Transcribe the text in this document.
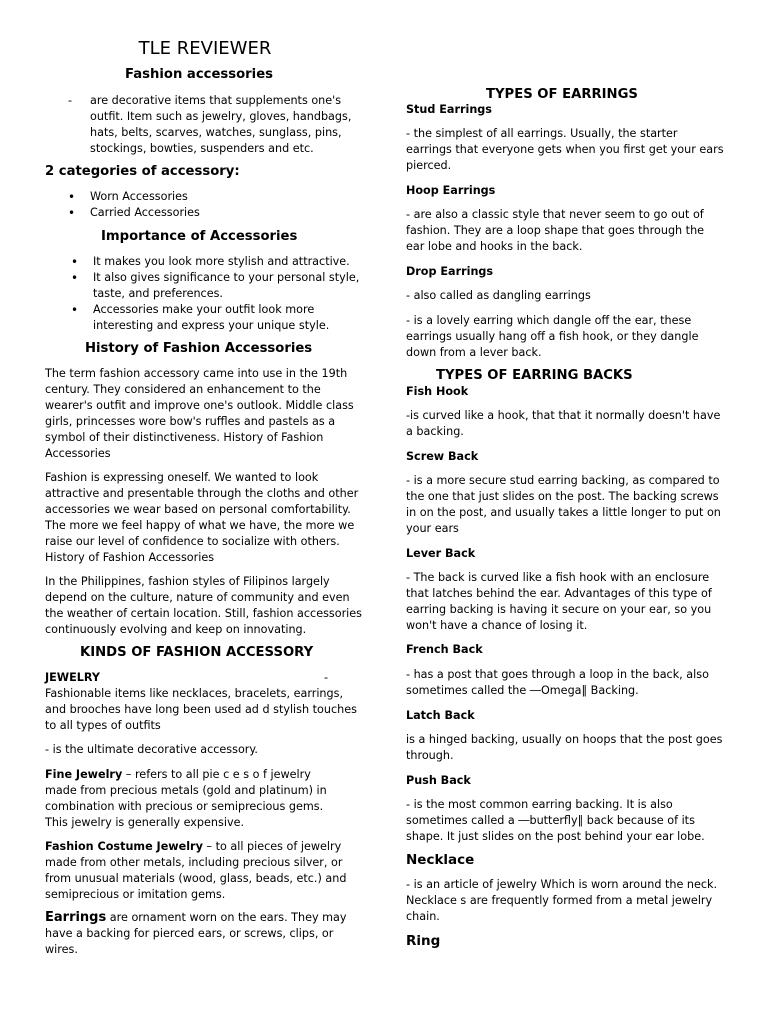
TLE REVIEWER
Fashion accessories
- are decorative items that supplements one's outfit. Item such as jewelry, gloves, handbags, hats, belts, scarves, watches, sunglass, pins, stockings, bowties, suspenders and etc.
2 categories of accessory:
• Worn Accessories
• Carried Accessories
Importance of Accessories
• It makes you look more stylish and attractive.
• It also gives significance to your personal style, taste, and preferences.
• Accessories make your outfit look more interesting and express your unique style.
History of Fashion Accessories

The term fashion accessory came into use in the 19th century. They considered an enhancement to the wearer's outfit and improve one's outlook. Middle class girls, princesses wore bow's ruffles and pastels as a symbol of their distinctiveness. History of Fashion Accessories

Fashion is expressing oneself. We wanted to look attractive and presentable through the cloths and other accessories we wear based on personal comfortability. The more we feel happy of what we have, the more we raise our level of confidence to socialize with others. History of Fashion Accessories

In the Philippines, fashion styles of Filipinos largely depend on the culture, nature of community and even the weather of certain location. Still, fashion accessories continuously evolving and keep on innovating.

KINDS OF FASHION ACCESSORY
JEWELRY	-

Fashionable items like necklaces, bracelets, earrings, and brooches have long been used ad d stylish touches to all types of outfits

- is the ultimate decorative accessory.

Fine Jewelry – refers to all pie c e s o f jewelry made from precious metals (gold and platinum) in combination with precious or semiprecious gems. This jewelry is generally expensive.

Fashion Costume Jewelry – to all pieces of jewelry made from other metals, including precious silver, or from unusual materials (wood, glass, beads, etc.) and semiprecious or imitation gems.

Earrings are ornament worn on the ears. They may have a backing for pierced ears, or screws, clips, or wires.

TYPES OF EARRINGS
Stud Earrings

- the simplest of all earrings. Usually, the starter earrings that everyone gets when you first get your ears pierced.

Hoop Earrings

- are also a classic style that never seem to go out of fashion. They are a loop shape that goes through the ear lobe and hooks in the back.

Drop Earrings

- also called as dangling earrings

- is a lovely earring which dangle off the ear, these earrings usually hang off a fish hook, or they dangle down from a lever back.

TYPES OF EARRING BACKS
Fish Hook

-is curved like a hook, that that it normally doesn't have a backing.

Screw Back

- is a more secure stud earring backing, as compared to the one that just slides on the post. The backing screws in on the post, and usually takes a little longer to put on your ears

Lever Back

- The back is curved like a fish hook with an enclosure that latches behind the ear. Advantages of this type of earring backing is having it secure on your ear, so you won't have a chance of losing it.

French Back

- has a post that goes through a loop in the back, also sometimes called the ―Omega‖ Backing.

Latch Back

is a hinged backing, usually on hoops that the post goes through.

Push Back

- is the most common earring backing. It is also sometimes called a ―butterfly‖ back because of its shape. It just slides on the post behind your ear lobe.

Necklace

- is an article of jewelry Which is worn around the neck. Necklace s are frequently formed from a metal jewelry chain.

Ring
